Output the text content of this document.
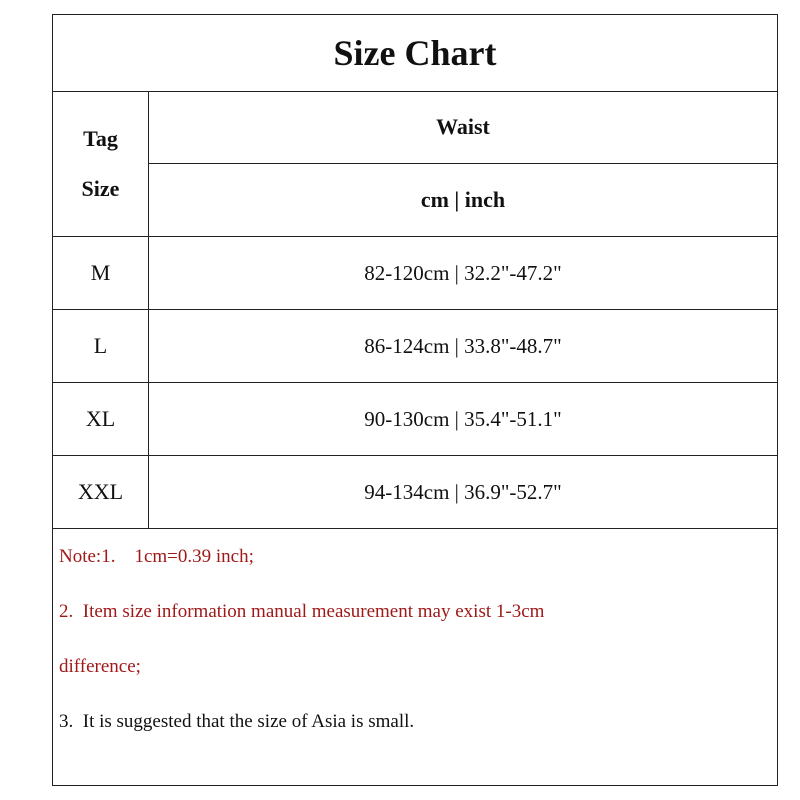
Size Chart
Tag
Size
Waist
cm | inch
M	82-120cm | 32.2"-47.2"
L	86-124cm | 33.8"-48.7"
XL	90-130cm | 35.4"-51.1"
XXL	94-134cm | 36.9"-52.7"
Note:1.    1cm=0.39 inch;
2.  Item size information manual measurement may exist 1-3cm
difference;
3.  It is suggested that the size of Asia is small.
